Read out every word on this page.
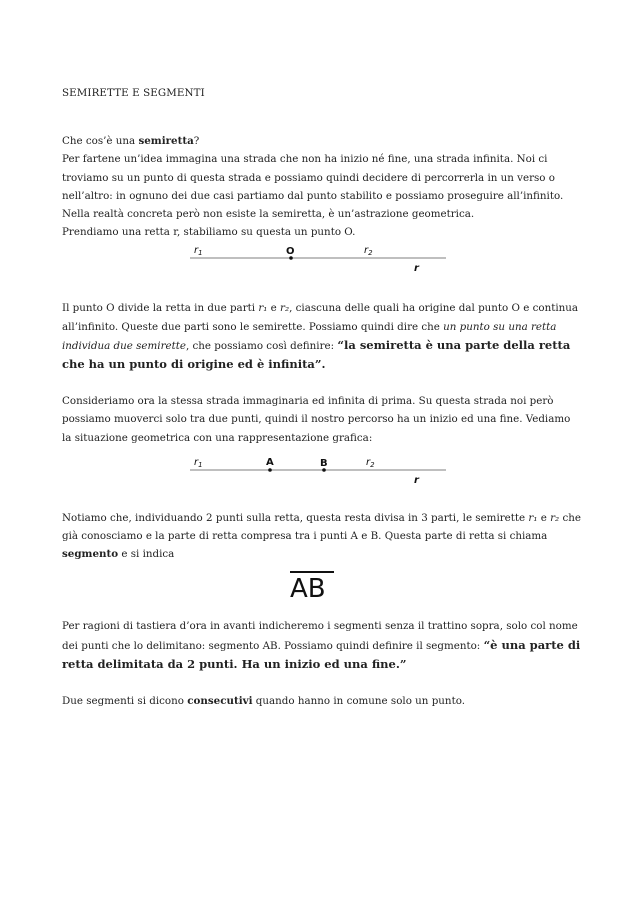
SEMIRETTE E SEGMENTI

Che cos’è una semiretta?

Per fartene un’idea immagina una strada che non ha inizio né fine, una strada infinita. Noi ci troviamo su un punto di questa strada e possiamo quindi decidere di percorrerla in un verso o nell’altro: in ognuno dei due casi partiamo dal punto stabilito e possiamo proseguire all’infinito.

Nella realtà concreta però non esiste la semiretta, è un’astrazione geometrica.

Prendiamo una retta r, stabiliamo su questa un punto O.

$r_1$	O	$r_2$
r

Il punto O divide la retta in due parti r₁ e r₂, ciascuna delle quali ha origine dal punto O e continua all’infinito. Queste due parti sono le semirette. Possiamo quindi dire che un punto su una retta individua due semirette, che possiamo così definire: “la semiretta è una parte della retta che ha un punto di origine ed è infinita”.

Consideriamo ora la stessa strada immaginaria ed infinita di prima. Su questa strada noi però possiamo muoverci solo tra due punti, quindi il nostro percorso ha un inizio ed una fine. Vediamo la situazione geometrica con una rappresentazione grafica:

$r_1$	A	B	$r_2$
r

Notiamo che, individuando 2 punti sulla retta, questa resta divisa in 3 parti, le semirette r₁ e r₂ che già conosciamo e la parte di retta compresa tra i punti A e B. Questa parte di retta si chiama segmento e si indica

AB

Per ragioni di tastiera d’ora in avanti indicheremo i segmenti senza il trattino sopra, solo col nome dei punti che lo delimitano: segmento AB. Possiamo quindi definire il segmento: “è una parte di retta delimitata da 2 punti. Ha un inizio ed una fine.”

Due segmenti si dicono consecutivi quando hanno in comune solo un punto.
